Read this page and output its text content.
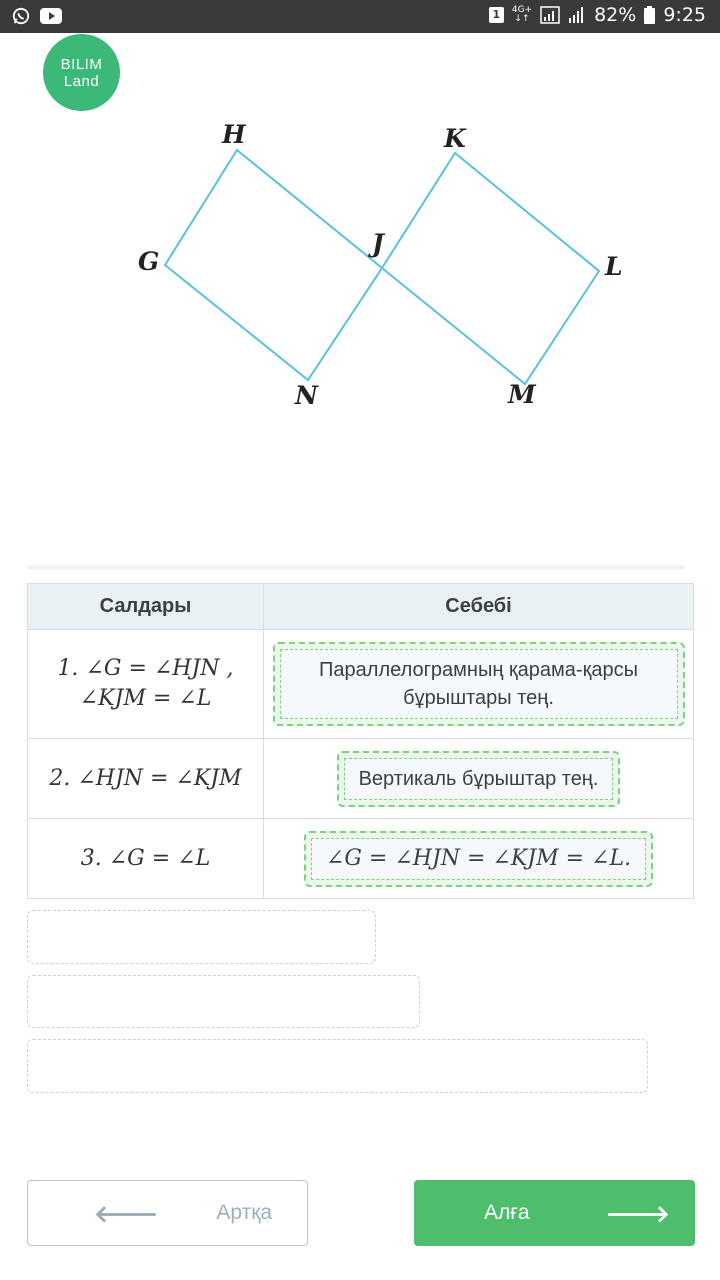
1	4G+
↓↑	82% 9:25
BILIM
Land
H	K
G
J
L
N	M
Салдары	Себебі

1. ∠G = ∠HJN ,
∠KJM = ∠L	Параллелограмның қарама-қарсы бұрыштары тең.

2. ∠HJN = ∠KJM	Вертикаль бұрыштар тең.

3. ∠G = ∠L	∠G = ∠HJN = ∠KJM = ∠L.
🡐	Артқа	Алға	🡒
